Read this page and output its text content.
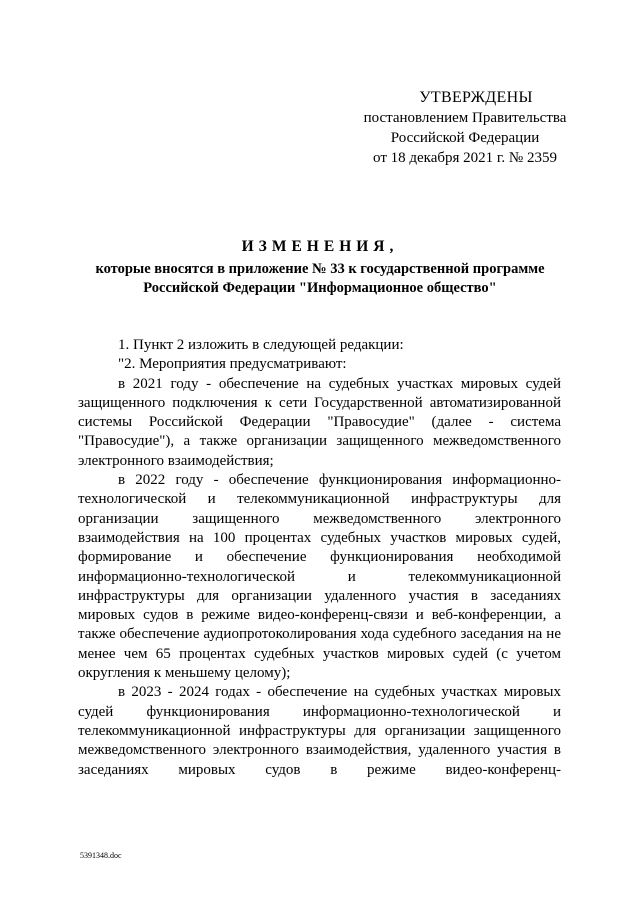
УТВЕРЖДЕНЫ
постановлением Правительства
Российской Федерации
от 18 декабря 2021 г. № 2359
ИЗМЕНЕНИЯ,
которые вносятся в приложение № 33 к государственной программе
Российской Федерации "Информационное общество"

1. Пункт 2 изложить в следующей редакции:

"2. Мероприятия предусматривают:

в 2021 году - обеспечение на судебных участках мировых судей защищенного подключения к сети Государственной автоматизированной системы Российской Федерации "Правосудие" (далее - система "Правосудие"), а также организации защищенного межведомственного электронного взаимодействия;

в 2022 году - обеспечение функционирования информационно-технологической и телекоммуникационной инфраструктуры для организации защищенного межведомственного электронного взаимодействия на 100 процентах судебных участков мировых судей, формирование и обеспечение функционирования необходимой информационно-технологической и телекоммуникационной инфраструктуры для организации удаленного участия в заседаниях мировых судов в режиме видео-конференц-связи и веб-конференции, а также обеспечение аудиопротоколирования хода судебного заседания на не менее чем 65 процентах судебных участков мировых судей (с учетом округления к меньшему целому);

в 2023 - 2024 годах - обеспечение на судебных участках мировых судей функционирования информационно-технологической и телекоммуникационной инфраструктуры для организации защищенного межведомственного электронного взаимодействия, удаленного участия в заседаниях мировых судов в режиме видео-конференц-

5391348.doc
